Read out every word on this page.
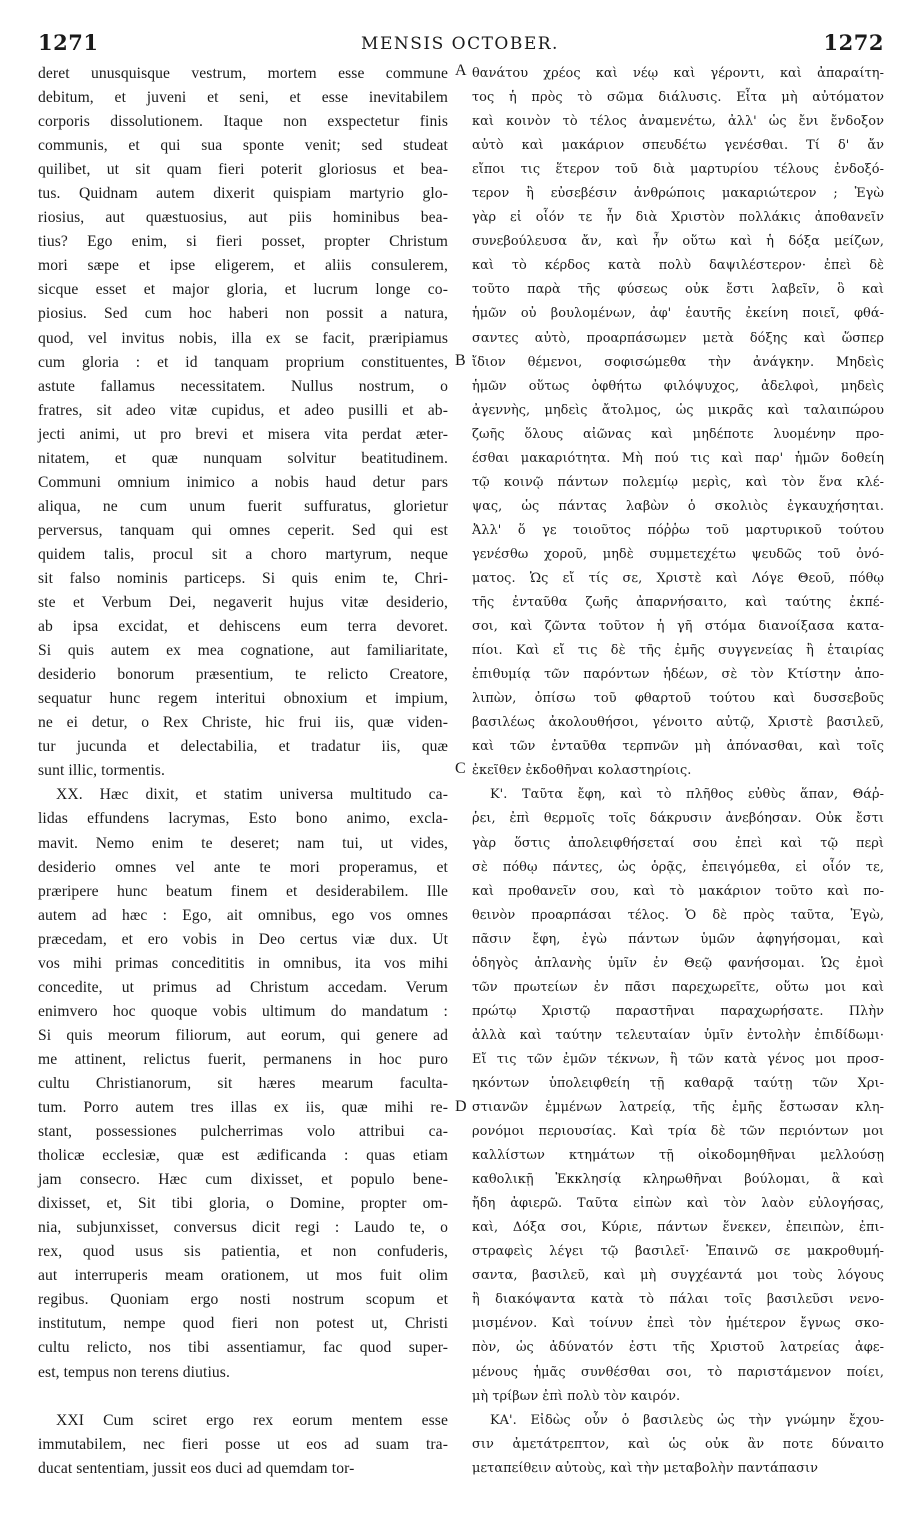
1271	MENSIS OCTOBER.	1272
deret unusquisque vestrum, mortem esse commune
debitum, et juveni et seni, et esse inevitabilem
corporis dissolutionem. Itaque non exspectetur finis
communis, et qui sua sponte venit; sed studeat
quilibet, ut sit quam fieri poterit gloriosus et bea-
tus. Quidnam autem dixerit quispiam martyrio glo-
riosius, aut quæstuosius, aut piis hominibus bea-
tius? Ego enim, si fieri posset, propter Christum
mori sæpe et ipse eligerem, et aliis consulerem,
sicque esset et major gloria, et lucrum longe co-
piosius. Sed cum hoc haberi non possit a natura,
quod, vel invitus nobis, illa ex se facit, præripiamus
cum gloria : et id tanquam proprium constituentes,
astute fallamus necessitatem. Nullus nostrum, o
fratres, sit adeo vitæ cupidus, et adeo pusilli et ab-
jecti animi, ut pro brevi et misera vita perdat æter-
nitatem, et quæ nunquam solvitur beatitudinem.
Communi omnium inimico a nobis haud detur pars
aliqua, ne cum unum fuerit suffuratus, glorietur
perversus, tanquam qui omnes ceperit. Sed qui est
quidem talis, procul sit a choro martyrum, neque
sit falso nominis particeps. Si quis enim te, Chri-
ste et Verbum Dei, negaverit hujus vitæ desiderio,
ab ipsa excidat, et dehiscens eum terra devoret.
Si quis autem ex mea cognatione, aut familiaritate,
desiderio bonorum præsentium, te relicto Creatore,
sequatur hunc regem interitui obnoxium et impium,
ne ei detur, o Rex Christe, hic frui iis, quæ viden-
tur jucunda et delectabilia, et tradatur iis, quæ
sunt illic, tormentis.
XX. Hæc dixit, et statim universa multitudo ca-
lidas effundens lacrymas, Esto bono animo, excla-
mavit. Nemo enim te deseret; nam tui, ut vides,
desiderio omnes vel ante te mori properamus, et
præripere hunc beatum finem et desiderabilem. Ille
autem ad hæc : Ego, ait omnibus, ego vos omnes
præcedam, et ero vobis in Deo certus viæ dux. Ut
vos mihi primas concedititis in omnibus, ita vos mihi
concedite, ut primus ad Christum accedam. Verum
enimvero hoc quoque vobis ultimum do mandatum :
Si quis meorum filiorum, aut eorum, qui genere ad
me attinent, relictus fuerit, permanens in hoc puro
cultu Christianorum, sit hæres mearum faculta-
tum. Porro autem tres illas ex iis, quæ mihi re-
stant, possessiones pulcherrimas volo attribui ca-
tholicæ ecclesiæ, quæ est ædificanda : quas etiam
jam consecro. Hæc cum dixisset, et populo bene-
dixisset, et, Sit tibi gloria, o Domine, propter om-
nia, subjunxisset, conversus dicit regi : Laudo te, o
rex, quod usus sis patientia, et non confuderis,
aut interruperis meam orationem, ut mos fuit olim
regibus. Quoniam ergo nosti nostrum scopum et
institutum, nempe quod fieri non potest ut, Christi
cultu relicto, nos tibi assentiamur, fac quod super-
est, tempus non terens diutius.
XXI Cum sciret ergo rex eorum mentem esse
immutabilem, nec fieri posse ut eos ad suam tra-
ducat sententiam, jussit eos duci ad quemdam tor-
θανάτου χρέος καὶ νέῳ καὶ γέροντι, καὶ ἀπαραίτη-
τος ἡ πρὸς τὸ σῶμα διάλυσις. Εἶτα μὴ αὐτόματον
καὶ κοινὸν τὸ τέλος ἀναμενέτω, ἀλλ' ὡς ἔνι ἔνδοξον
αὐτὸ καὶ μακάριον σπευδέτω γενέσθαι. Τί δ' ἄν
εἴποι τις ἕτερον τοῦ διὰ μαρτυρίου τέλους ἐνδοξό-
τερον ἢ εὐσεβέσιν ἀνθρώποις μακαριώτερον ; Ἐγὼ
γὰρ εἰ οἷόν τε ἦν διὰ Χριστὸν πολλάκις ἀποθανεῖν
συνεβούλευσα ἄν, καὶ ἦν οὕτω καὶ ἡ δόξα μείζων,
καὶ τὸ κέρδος κατὰ πολὺ δαψιλέστερον· ἐπεὶ δὲ
τοῦτο παρὰ τῆς φύσεως οὐκ ἔστι λαβεῖν, ὃ καὶ
ἡμῶν οὐ βουλομένων, ἀφ' ἑαυτῆς ἐκείνη ποιεῖ, φθά-
σαντες αὐτὸ, προαρπάσωμεν μετὰ δόξης καὶ ὥσπερ
ἴδιον θέμενοι, σοφισώμεθα τὴν ἀνάγκην. Μηδεὶς
ἡμῶν οὕτως ὀφθήτω φιλόψυχος, ἀδελφοὶ, μηδεὶς
ἀγεννὴς, μηδεὶς ἄτολμος, ὡς μικρᾶς καὶ ταλαιπώρου
ζωῆς ὅλους αἰῶνας καὶ μηδέποτε λυομένην προ-
έσθαι μακαριότητα. Μὴ πού τις καὶ παρ' ἡμῶν δοθείη
τῷ κοινῷ πάντων πολεμίῳ μερὶς, καὶ τὸν ἕνα κλέ-
ψας, ὡς πάντας λαβὼν ὁ σκολιὸς ἐγκαυχήσηται.
Ἀλλ' ὅ γε τοιοῦτος πόῤῥω τοῦ μαρτυρικοῦ τούτου
γενέσθω χοροῦ, μηδὲ συμμετεχέτω ψευδῶς τοῦ ὀνό-
ματος. Ὡς εἴ τίς σε, Χριστὲ καὶ Λόγε Θεοῦ, πόθῳ
τῆς ἐνταῦθα ζωῆς ἀπαρνήσαιτο, καὶ ταύτης ἐκπέ-
σοι, καὶ ζῶντα τοῦτον ἡ γῆ στόμα διανοίξασα κατα-
πίοι. Καὶ εἴ τις δὲ τῆς ἐμῆς συγγενείας ἢ ἑταιρίας
ἐπιθυμίᾳ τῶν παρόντων ἡδέων, σὲ τὸν Κτίστην ἀπο-
λιπὼν, ὀπίσω τοῦ φθαρτοῦ τούτου καὶ δυσσεβοῦς
βασιλέως ἀκολουθήσοι, γένοιτο αὐτῷ, Χριστὲ βασιλεῦ,
καὶ τῶν ἐνταῦθα τερπνῶν μὴ ἀπόνασθαι, καὶ τοῖς
ἐκεῖθεν ἐκδοθῆναι κολαστηρίοις.
Κ'. Ταῦτα ἔφη, καὶ τὸ πλῆθος εὐθὺς ἅπαν, Θάῤ-
ῥει, ἐπὶ θερμοῖς τοῖς δάκρυσιν ἀνεβόησαν. Οὐκ ἔστι
γὰρ ὅστις ἀπολειφθήσεταί σου ἐπεὶ καὶ τῷ περὶ
σὲ πόθῳ πάντες, ὡς ὁρᾷς, ἐπειγόμεθα, εἰ οἷόν τε,
καὶ προθανεῖν σου, καὶ τὸ μακάριον τοῦτο καὶ πο-
θεινὸν προαρπάσαι τέλος. Ὁ δὲ πρὸς ταῦτα, Ἐγὼ,
πᾶσιν ἔφη, ἐγὼ πάντων ὑμῶν ἀφηγήσομαι, καὶ
ὁδηγὸς ἀπλανὴς ὑμῖν ἐν Θεῷ φανήσομαι. Ὡς ἐμοὶ
τῶν πρωτείων ἐν πᾶσι παρεχωρεῖτε, οὕτω μοι καὶ
πρώτῳ Χριστῷ παραστῆναι παραχωρήσατε. Πλὴν
ἀλλὰ καὶ ταύτην τελευταίαν ὑμῖν ἐντολὴν ἐπιδίδωμι·
Εἴ τις τῶν ἐμῶν τέκνων, ἢ τῶν κατὰ γένος μοι προσ-
ηκόντων ὑπολειφθείη τῇ καθαρᾷ ταύτῃ τῶν Χρι-
στιανῶν ἐμμένων λατρείᾳ, τῆς ἐμῆς ἔστωσαν κλη-
ρονόμοι περιουσίας. Καὶ τρία δὲ τῶν περιόντων μοι
καλλίστων κτημάτων τῇ οἰκοδομηθῆναι μελλούσῃ
καθολικῇ Ἐκκλησίᾳ κληρωθῆναι βούλομαι, ἃ καὶ
ἤδη ἀφιερῶ. Ταῦτα εἰπὼν καὶ τὸν λαὸν εὐλογήσας,
καὶ, Δόξα σοι, Κύριε, πάντων ἕνεκεν, ἐπειπὼν, ἐπι-
στραφεὶς λέγει τῷ βασιλεῖ· Ἐπαινῶ σε μακροθυμή-
σαντα, βασιλεῦ, καὶ μὴ συγχέαντά μοι τοὺς λόγους
ἢ διακόψαντα κατὰ τὸ πάλαι τοῖς βασιλεῦσι νενο-
μισμένον. Καὶ τοίνυν ἐπεὶ τὸν ἡμέτερον ἔγνως σκο-
πὸν, ὡς ἀδύνατόν ἐστι τῆς Χριστοῦ λατρείας ἀφε-
μένους ἡμᾶς συνθέσθαι σοι, τὸ παριστάμενον ποίει,
μὴ τρίβων ἐπὶ πολὺ τὸν καιρόν.
ΚΑ'. Εἰδὼς οὖν ὁ βασιλεὺς ὡς τὴν γνώμην ἔχου-
σιν ἀμετάτρεπτον, καὶ ὡς οὐκ ἂν ποτε δύναιτο
μεταπείθειν αὐτοὺς, καὶ τὴν μεταβολὴν παντάπασιν
A
B
C
D
